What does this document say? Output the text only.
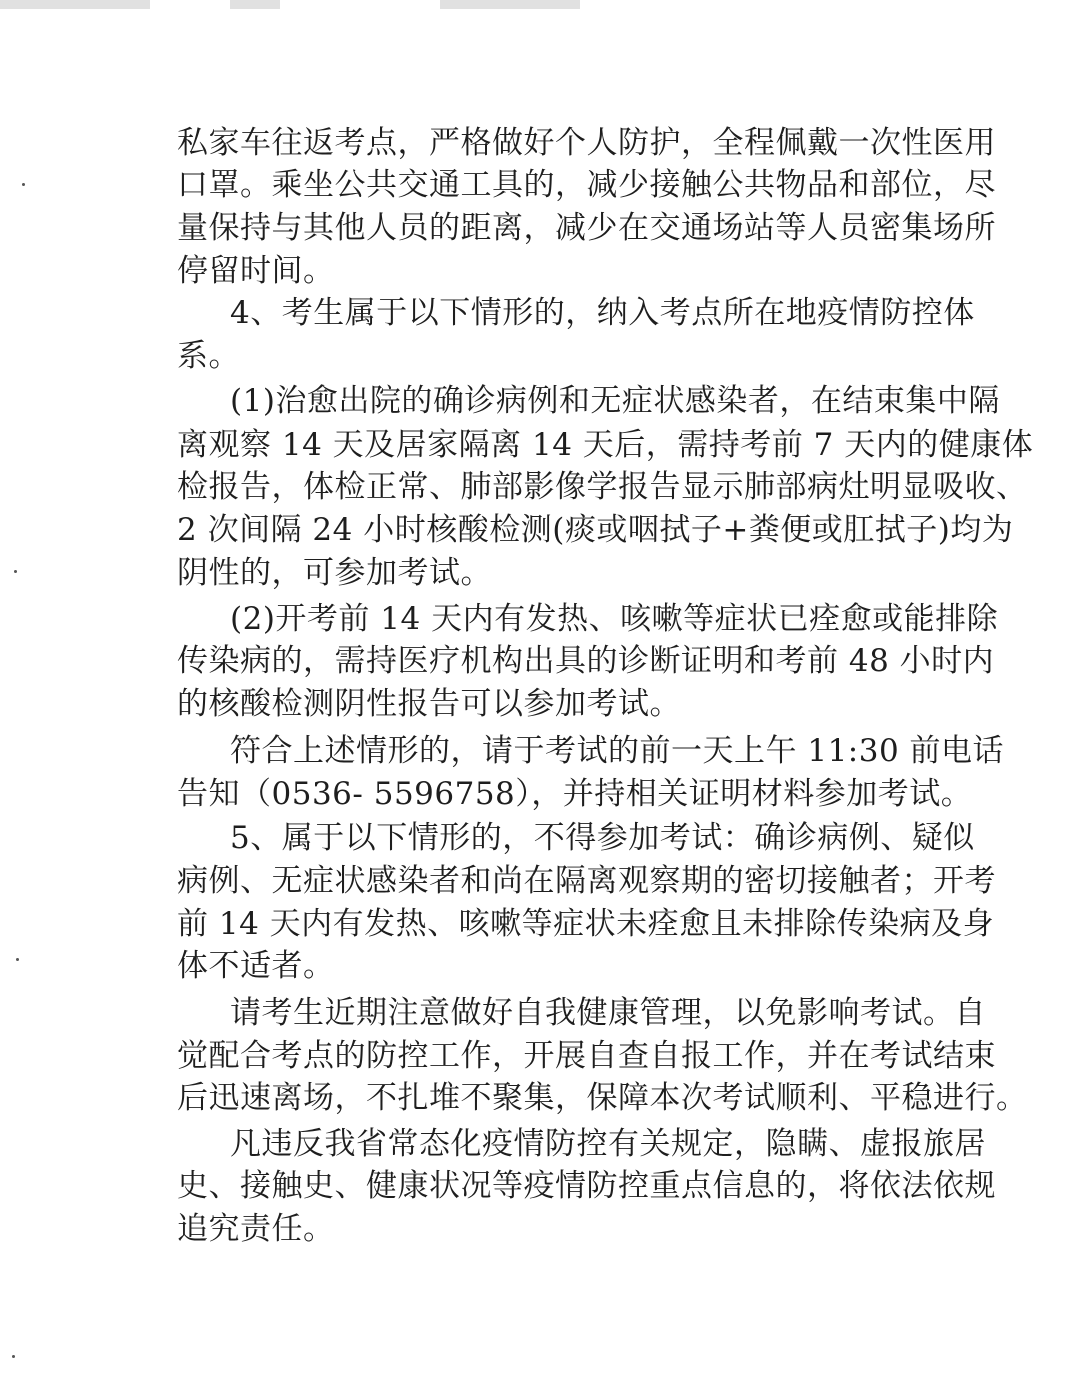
私家车往返考点，严格做好个人防护，全程佩戴一次性医用
口罩。乘坐公共交通工具的，减少接触公共物品和部位，尽
量保持与其他人员的距离，减少在交通场站等人员密集场所
停留时间。
4、考生属于以下情形的，纳入考点所在地疫情防控体
系。
(1)治愈出院的确诊病例和无症状感染者，在结束集中隔
离观察 14 天及居家隔离 14 天后，需持考前 7 天内的健康体
检报告，体检正常、肺部影像学报告显示肺部病灶明显吸收、
2 次间隔 24 小时核酸检测(痰或咽拭子+粪便或肛拭子)均为
阴性的，可参加考试。
(2)开考前 14 天内有发热、咳嗽等症状已痊愈或能排除
传染病的，需持医疗机构出具的诊断证明和考前 48 小时内
的核酸检测阴性报告可以参加考试。
符合上述情形的，请于考试的前一天上午 11:30 前电话
告知（0536- 5596758），并持相关证明材料参加考试。
5、属于以下情形的，不得参加考试：确诊病例、疑似
病例、无症状感染者和尚在隔离观察期的密切接触者；开考
前 14 天内有发热、咳嗽等症状未痊愈且未排除传染病及身
体不适者。
请考生近期注意做好自我健康管理，以免影响考试。自
觉配合考点的防控工作，开展自查自报工作，并在考试结束
后迅速离场，不扎堆不聚集，保障本次考试顺利、平稳进行。
凡违反我省常态化疫情防控有关规定，隐瞒、虚报旅居
史、接触史、健康状况等疫情防控重点信息的，将依法依规
追究责任。
